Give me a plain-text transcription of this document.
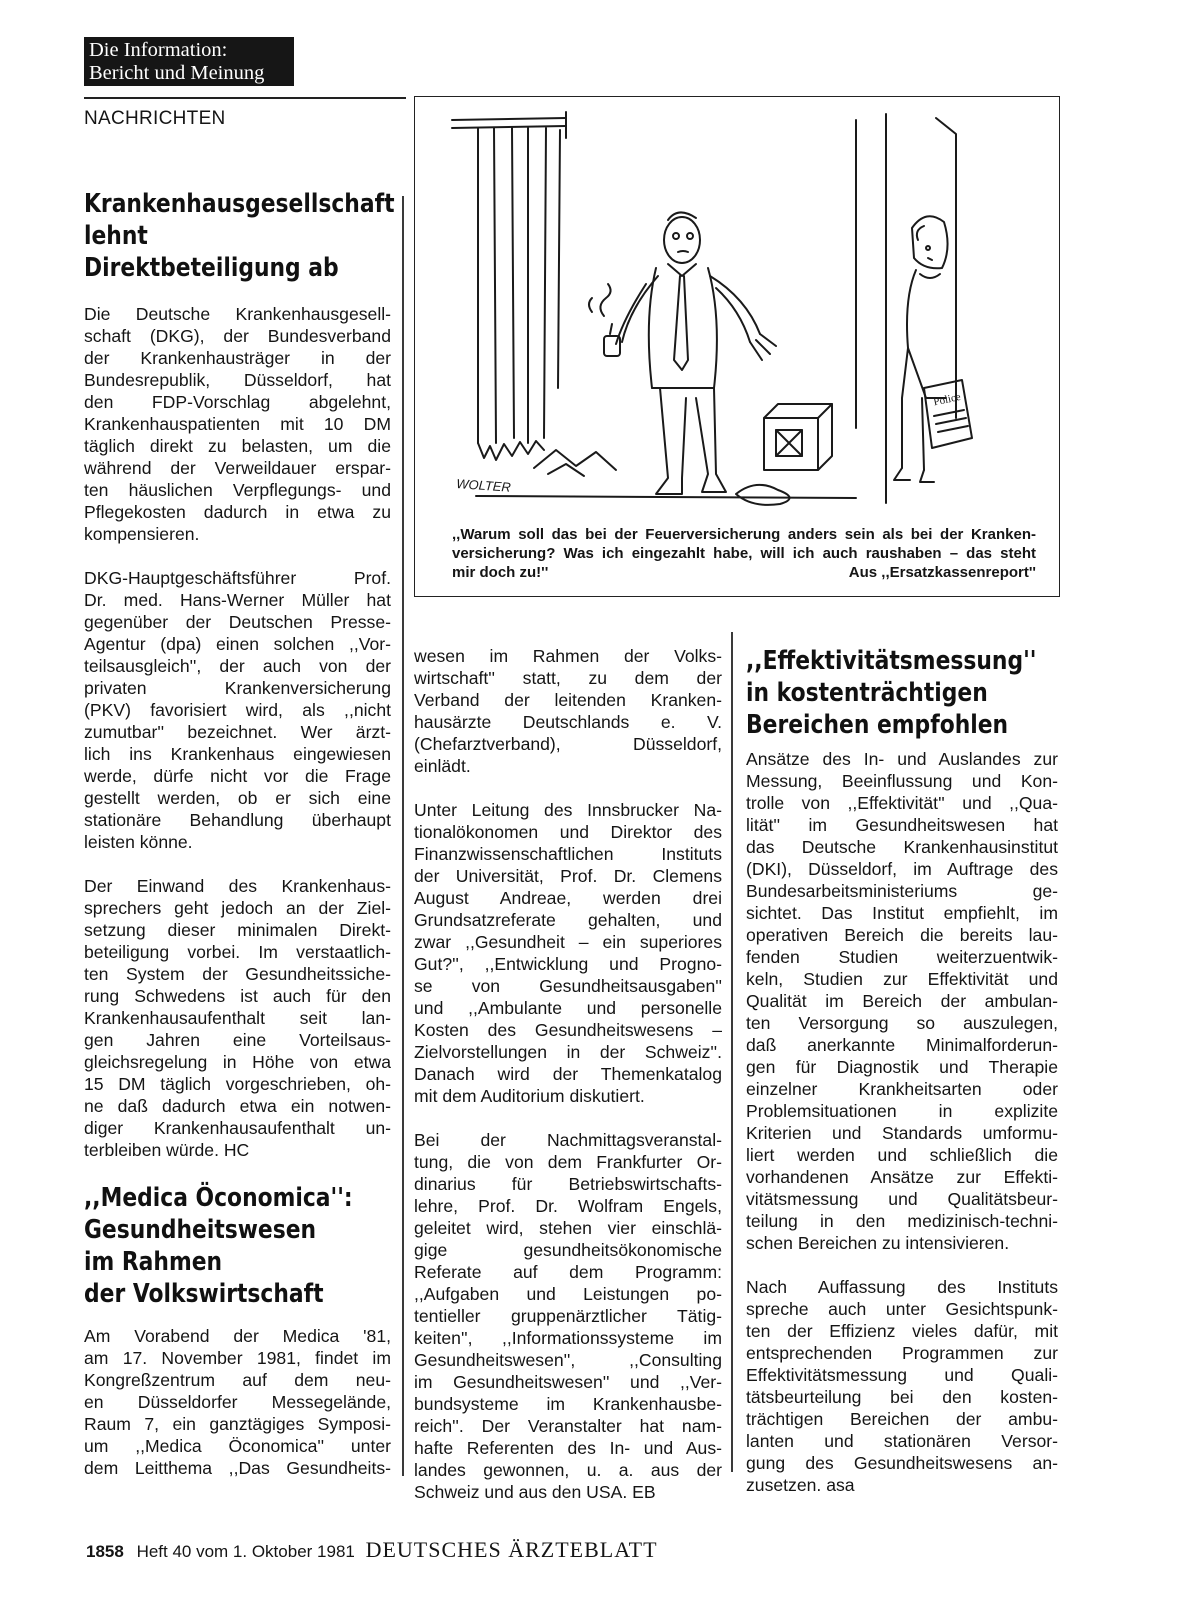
Die Information:
Bericht und Meinung
NACHRICHTEN
Krankenhausgesellschaft
lehnt
Direktbeteiligung ab

Die Deutsche Krankenhausgesell-
schaft (DKG), der Bundesverband
der Krankenhausträger in der
Bundesrepublik, Düsseldorf, hat
den FDP-Vorschlag abgelehnt,
Krankenhauspatienten mit 10 DM
täglich direkt zu belasten, um die
während der Verweildauer erspar-
ten häuslichen Verpflegungs- und
Pflegekosten dadurch in etwa zu
kompensieren.

DKG-Hauptgeschäftsführer Prof.
Dr. med. Hans-Werner Müller hat
gegenüber der Deutschen Presse-
Agentur (dpa) einen solchen ,,Vor-
teilsausgleich'', der auch von der
privaten Krankenversicherung
(PKV) favorisiert wird, als ,,nicht
zumutbar'' bezeichnet. Wer ärzt-
lich ins Krankenhaus eingewiesen
werde, dürfe nicht vor die Frage
gestellt werden, ob er sich eine
stationäre Behandlung überhaupt
leisten könne.

Der Einwand des Krankenhaus-
sprechers geht jedoch an der Ziel-
setzung dieser minimalen Direkt-
beteiligung vorbei. Im verstaatlich-
ten System der Gesundheitssiche-
rung Schwedens ist auch für den
Krankenhausaufenthalt seit lan-
gen Jahren eine Vorteilsaus-
gleichsregelung in Höhe von etwa
15 DM täglich vorgeschrieben, oh-
ne daß dadurch etwa ein notwen-
diger Krankenhausaufenthalt un-
terbleiben würde. HC

,,Medica Öconomica'':
Gesundheitswesen
im Rahmen
der Volkswirtschaft
Am Vorabend der Medica '81,
am 17. November 1981, findet im
Kongreßzentrum auf dem neu-
en Düsseldorfer Messegelände,
Raum 7, ein ganztägiges Symposi-
um ,,Medica Öconomica'' unter
dem Leitthema ,,Das Gesundheits-

wesen im Rahmen der Volks-
wirtschaft'' statt, zu dem der
Verband der leitenden Kranken-
hausärzte Deutschlands e. V.
(Chefarztverband), Düsseldorf,
einlädt.

Unter Leitung des Innsbrucker Na-
tionalökonomen und Direktor des
Finanzwissenschaftlichen Instituts
der Universität, Prof. Dr. Clemens
August Andreae, werden drei
Grundsatzreferate gehalten, und
zwar ,,Gesundheit – ein superiores
Gut?'', ,,Entwicklung und Progno-
se von Gesundheitsausgaben''
und ,,Ambulante und personelle
Kosten des Gesundheitswesens –
Zielvorstellungen in der Schweiz''.
Danach wird der Themenkatalog
mit dem Auditorium diskutiert.

Bei der Nachmittagsveranstal-
tung, die von dem Frankfurter Or-
dinarius für Betriebswirtschafts-
lehre, Prof. Dr. Wolfram Engels,
geleitet wird, stehen vier einschlä-
gige gesundheitsökonomische
Referate auf dem Programm:
,,Aufgaben und Leistungen po-
tentieller gruppenärztlicher Tätig-
keiten'', ,,Informationssysteme im
Gesundheitswesen'', ,,Consulting
im Gesundheitswesen'' und ,,Ver-
bundsysteme im Krankenhausbe-
reich''. Der Veranstalter hat nam-
hafte Referenten des In- und Aus-
landes gewonnen, u. a. aus der
Schweiz und aus den USA. EB

,,Effektivitätsmessung''
in kostenträchtigen
Bereichen empfohlen

Ansätze des In- und Auslandes zur
Messung, Beeinflussung und Kon-
trolle von ,,Effektivität'' und ,,Qua-
lität'' im Gesundheitswesen hat
das Deutsche Krankenhausinstitut
(DKI), Düsseldorf, im Auftrage des
Bundesarbeitsministeriums ge-
sichtet. Das Institut empfiehlt, im
operativen Bereich die bereits lau-
fenden Studien weiterzuentwik-
keln, Studien zur Effektivität und
Qualität im Bereich der ambulan-
ten Versorgung so auszulegen,
daß anerkannte Minimalforderun-
gen für Diagnostik und Therapie
einzelner Krankheitsarten oder
Problemsituationen in explizite
Kriterien und Standards umformu-
liert werden und schließlich die
vorhandenen Ansätze zur Effekti-
vitätsmessung und Qualitätsbeur-
teilung in den medizinisch-techni-
schen Bereichen zu intensivieren.

Nach Auffassung des Instituts
spreche auch unter Gesichtspunk-
ten der Effizienz vieles dafür, mit
entsprechenden Programmen zur
Effektivitätsmessung und Quali-
tätsbeurteilung bei den kosten-
trächtigen Bereichen der ambu-
lanten und stationären Versor-
gung des Gesundheitswesens an-
zusetzen. asa

Police
WOLTER
,,Warum soll das bei der Feuerversicherung anders sein als bei der Kranken-
versicherung? Was ich eingezahlt habe, will ich auch raushaben – das steht
mir doch zu!''	Aus ,,Ersatzkassenreport''
1858 Heft 40 vom 1. Oktober 1981 DEUTSCHES ÄRZTEBLATT
